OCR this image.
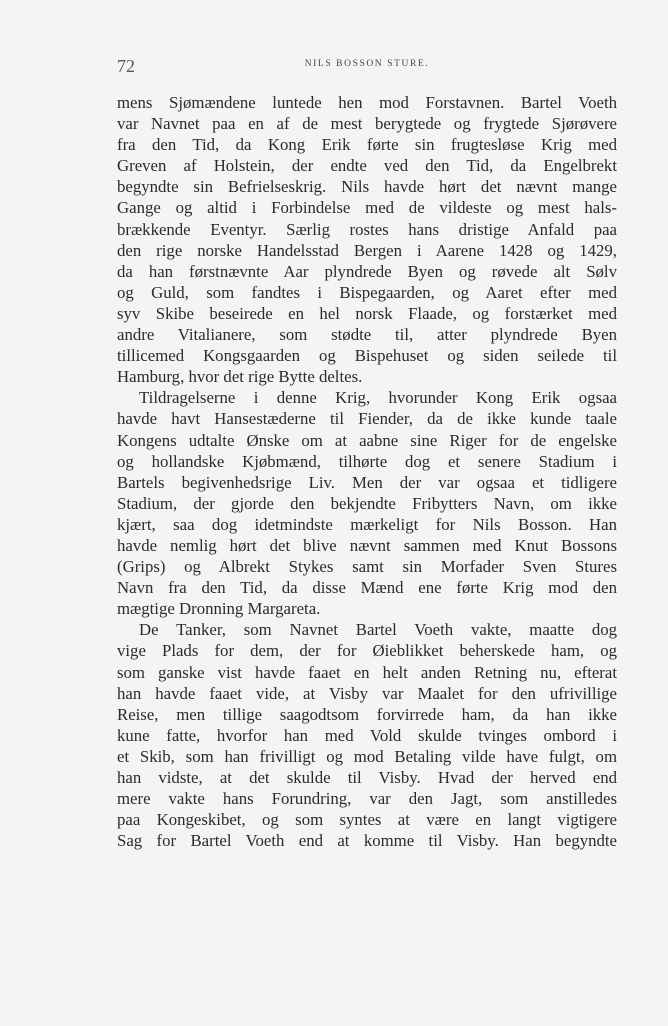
72	NILS BOSSON STURE.
mens Sjømændene luntede hen mod Forstavnen. Bartel Voeth
var Navnet paa en af de mest berygtede og frygtede Sjørøvere
fra den Tid, da Kong Erik førte sin frugtesløse Krig med
Greven af Holstein, der endte ved den Tid, da Engelbrekt
begyndte sin Befrielseskrig. Nils havde hørt det nævnt mange
Gange og altid i Forbindelse med de vildeste og mest hals-
brækkende Eventyr. Særlig rostes hans dristige Anfald paa
den rige norske Handelsstad Bergen i Aarene 1428 og 1429,
da han førstnævnte Aar plyndrede Byen og røvede alt Sølv
og Guld, som fandtes i Bispegaarden, og Aaret efter med
syv Skibe beseirede en hel norsk Flaade, og forstærket med
andre Vitalianere, som stødte til, atter plyndrede Byen
tillicemed Kongsgaarden og Bispehuset og siden seilede til
Hamburg, hvor det rige Bytte deltes.
Tildragelserne i denne Krig, hvorunder Kong Erik ogsaa
havde havt Hansestæderne til Fiender, da de ikke kunde taale
Kongens udtalte Ønske om at aabne sine Riger for de engelske
og hollandske Kjøbmænd, tilhørte dog et senere Stadium i
Bartels begivenhedsrige Liv. Men der var ogsaa et tidligere
Stadium, der gjorde den bekjendte Fribytters Navn, om ikke
kjært, saa dog idetmindste mærkeligt for Nils Bosson. Han
havde nemlig hørt det blive nævnt sammen med Knut Bossons
(Grips) og Albrekt Stykes samt sin Morfader Sven Stures
Navn fra den Tid, da disse Mænd ene førte Krig mod den
mægtige Dronning Margareta.
De Tanker, som Navnet Bartel Voeth vakte, maatte dog
vige Plads for dem, der for Øieblikket beherskede ham, og
som ganske vist havde faaet en helt anden Retning nu, efterat
han havde faaet vide, at Visby var Maalet for den ufrivillige
Reise, men tillige saagodtsom forvirrede ham, da han ikke
kune fatte, hvorfor han med Vold skulde tvinges ombord i
et Skib, som han frivilligt og mod Betaling vilde have fulgt, om
han vidste, at det skulde til Visby. Hvad der herved end
mere vakte hans Forundring, var den Jagt, som anstilledes
paa Kongeskibet, og som syntes at være en langt vigtigere
Sag for Bartel Voeth end at komme til Visby. Han begyndte
